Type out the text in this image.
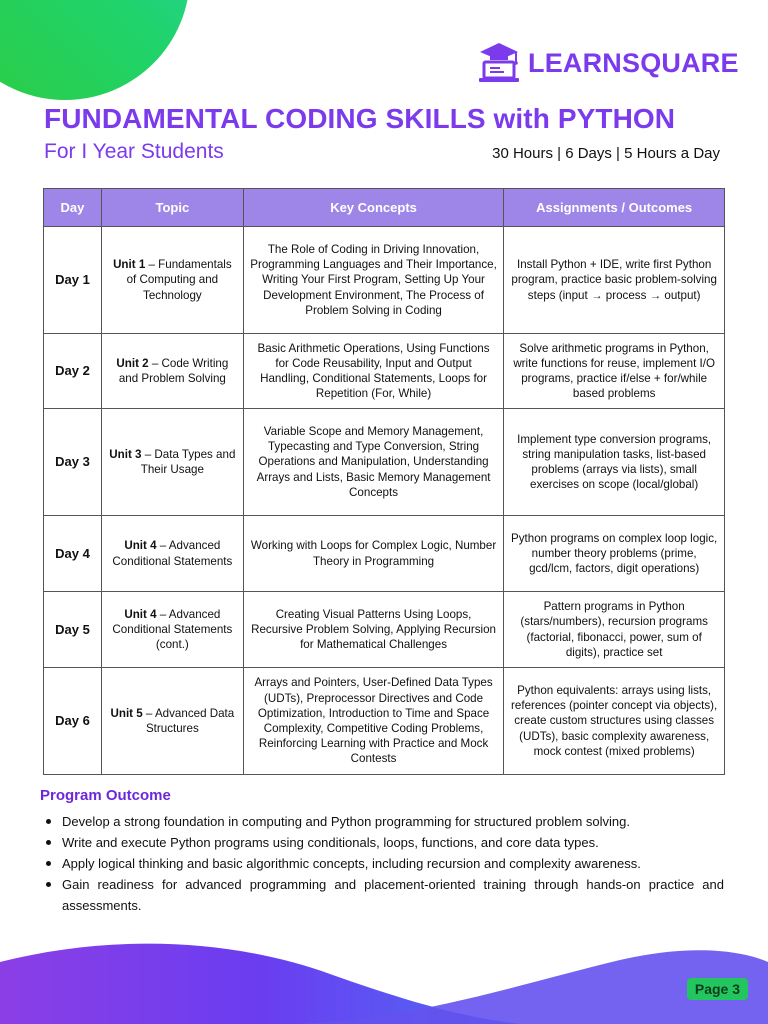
LEARNSQUARE
FUNDAMENTAL CODING SKILLS with PYTHON
For I Year Students	30 Hours | 6 Days | 5 Hours a Day
Day	Topic	Key Concepts	Assignments / Outcomes
Day 1	Unit 1 – Fundamentals of Computing and Technology	The Role of Coding in Driving Innovation, Programming Languages and Their Importance, Writing Your First Program, Setting Up Your Development Environment, The Process of Problem Solving in Coding	Install Python + IDE, write first Python program, practice basic problem-solving steps (input → process → output)
Day 2	Unit 2 – Code Writing and Problem Solving	Basic Arithmetic Operations, Using Functions for Code Reusability, Input and Output Handling, Conditional Statements, Loops for Repetition (For, While)	Solve arithmetic programs in Python, write functions for reuse, implement I/O programs, practice if/else + for/while based problems
Day 3	Unit 3 – Data Types and Their Usage	Variable Scope and Memory Management, Typecasting and Type Conversion, String Operations and Manipulation, Understanding Arrays and Lists, Basic Memory Management Concepts	Implement type conversion programs, string manipulation tasks, list-based problems (arrays via lists), small exercises on scope (local/global)
Day 4	Unit 4 – Advanced Conditional Statements	Working with Loops for Complex Logic, Number Theory in Programming	Python programs on complex loop logic, number theory problems (prime, gcd/lcm, factors, digit operations)
Day 5	Unit 4 – Advanced Conditional Statements (cont.)	Creating Visual Patterns Using Loops, Recursive Problem Solving, Applying Recursion for Mathematical Challenges	Pattern programs in Python (stars/numbers), recursion programs (factorial, fibonacci, power, sum of digits), practice set
Day 6	Unit 5 – Advanced Data Structures	Arrays and Pointers, User-Defined Data Types (UDTs), Preprocessor Directives and Code Optimization, Introduction to Time and Space Complexity, Competitive Coding Problems, Reinforcing Learning with Practice and Mock Contests	Python equivalents: arrays using lists, references (pointer concept via objects), create custom structures using classes (UDTs), basic complexity awareness, mock contest (mixed problems)
Program Outcome
Develop a strong foundation in computing and Python programming for structured problem solving.
Write and execute Python programs using conditionals, loops, functions, and core data types.
Apply logical thinking and basic algorithmic concepts, including recursion and complexity awareness.
Gain readiness for advanced programming and placement-oriented training through hands-on practice and assessments.
Page 3
